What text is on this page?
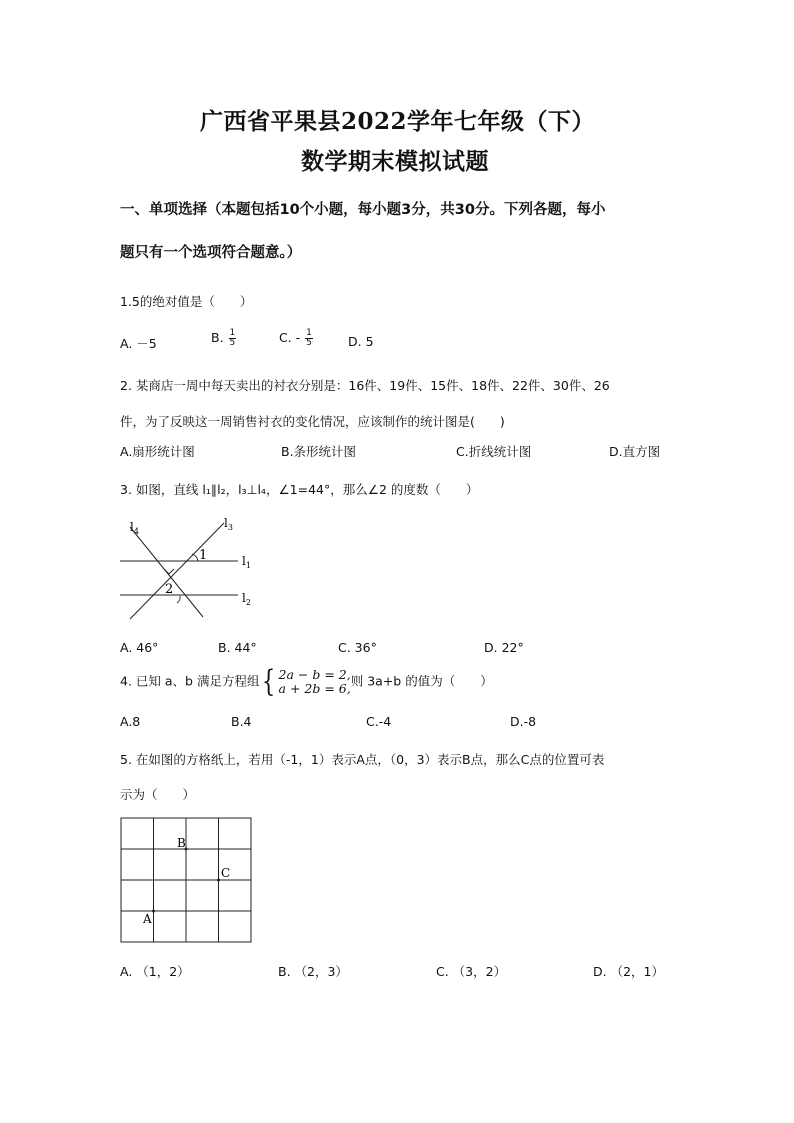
广西省平果县2022学年七年级（下）
数学期末模拟试题
一、单项选择（本题包括10个小题，每小题3分，共30分。下列各题，每小
题只有一个选项符合题意。）
1.5的绝对值是（　　）
A. －5	B. $\frac{1}{5}$	C. - $\frac{1}{5}$	D. 5
2. 某商店一周中每天卖出的衬衣分别是：16件、19件、15件、18件、22件、30件、26
件，为了反映这一周销售衬衣的变化情况，应该制作的统计图是(　　)
A.扇形统计图	B.条形统计图	C.折线统计图	D.直方图
3. 如图，直线 l₁∥l₂，l₃⊥l₄，∠1=44°，那么∠2 的度数（　　）
1
2
$l_4$
$l_3$
$l_1$
$l_2$
A. 46°	B. 44°	C. 36°	D. 22°
4. 已知 a、b 满足方程组 { 2a − b = 2,
a + 2b = 6, 则 3a+b 的值为（　　）
A.8	B.4	C.-4	D.-8
5. 在如图的方格纸上，若用（-1，1）表示A点，（0，3）表示B点，那么C点的位置可表
示为（　　）
A
B
C
A. （1，2）	B. （2，3）	C. （3，2）	D. （2，1）
